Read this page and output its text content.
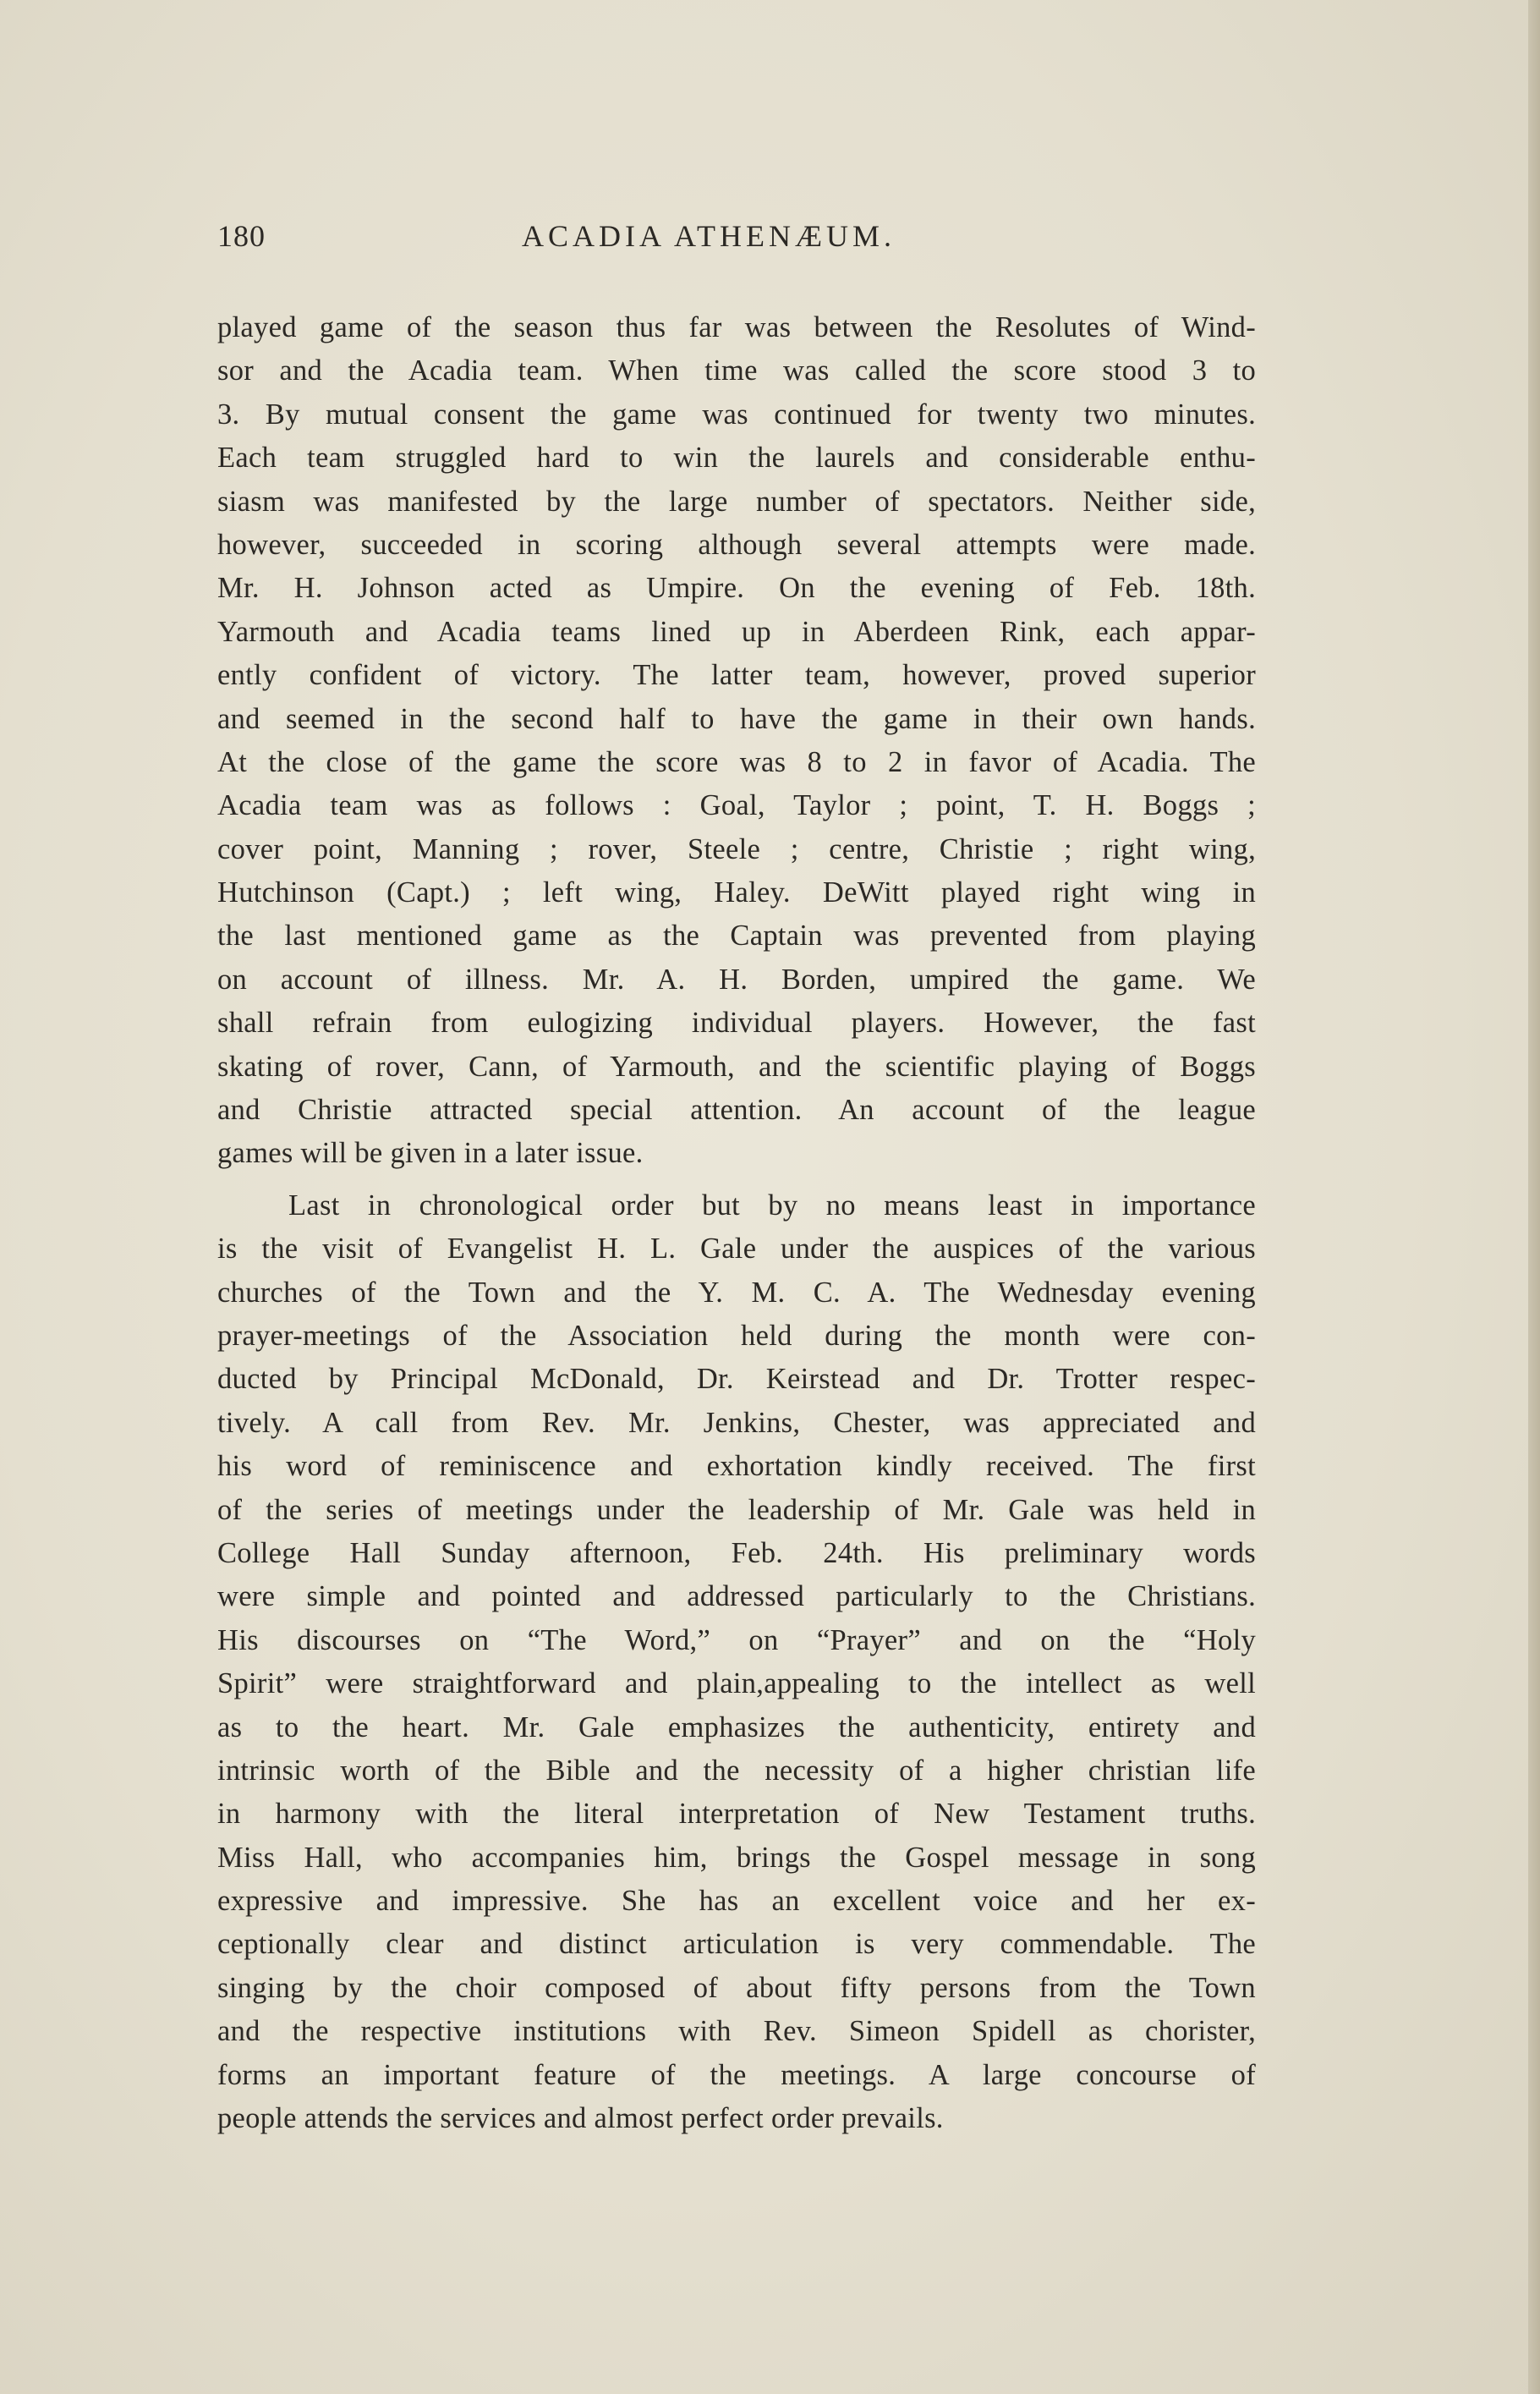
180	ACADIA ATHENÆUM.
played game of the season thus far was between the Resolutes of Wind-
sor and the Acadia team. When time was called the score stood 3 to
3. By mutual consent the game was continued for twenty two minutes.
Each team struggled hard to win the laurels and considerable enthu-
siasm was manifested by the large number of spectators. Neither side,
however, succeeded in scoring although several attempts were made.
Mr. H. Johnson acted as Umpire. On the evening of Feb. 18th.
Yarmouth and Acadia teams lined up in Aberdeen Rink, each appar-
ently confident of victory. The latter team, however, proved superior
and seemed in the second half to have the game in their own hands.
At the close of the game the score was 8 to 2 in favor of Acadia. The
Acadia team was as follows : Goal, Taylor ; point, T. H. Boggs ;
cover point, Manning ; rover, Steele ; centre, Christie ; right wing,
Hutchinson (Capt.) ; left wing, Haley. DeWitt played right wing in
the last mentioned game as the Captain was prevented from playing
on account of illness. Mr. A. H. Borden, umpired the game. We
shall refrain from eulogizing individual players. However, the fast
skating of rover, Cann, of Yarmouth, and the scientific playing of Boggs
and Christie attracted special attention. An account of the league
games will be given in a later issue.
Last in chronological order but by no means least in importance
is the visit of Evangelist H. L. Gale under the auspices of the various
churches of the Town and the Y. M. C. A. The Wednesday evening
prayer-meetings of the Association held during the month were con-
ducted by Principal McDonald, Dr. Keirstead and Dr. Trotter respec-
tively. A call from Rev. Mr. Jenkins, Chester, was appreciated and
his word of reminiscence and exhortation kindly received. The first
of the series of meetings under the leadership of Mr. Gale was held in
College Hall Sunday afternoon, Feb. 24th. His preliminary words
were simple and pointed and addressed particularly to the Christians.
His discourses on “The Word,” on “Prayer” and on the “Holy
Spirit” were straightforward and plain,appealing to the intellect as well
as to the heart. Mr. Gale emphasizes the authenticity, entirety and
intrinsic worth of the Bible and the necessity of a higher christian life
in harmony with the literal interpretation of New Testament truths.
Miss Hall, who accompanies him, brings the Gospel message in song
expressive and impressive. She has an excellent voice and her ex-
ceptionally clear and distinct articulation is very commendable. The
singing by the choir composed of about fifty persons from the Town
and the respective institutions with Rev. Simeon Spidell as chorister,
forms an important feature of the meetings. A large concourse of
people attends the services and almost perfect order prevails.
